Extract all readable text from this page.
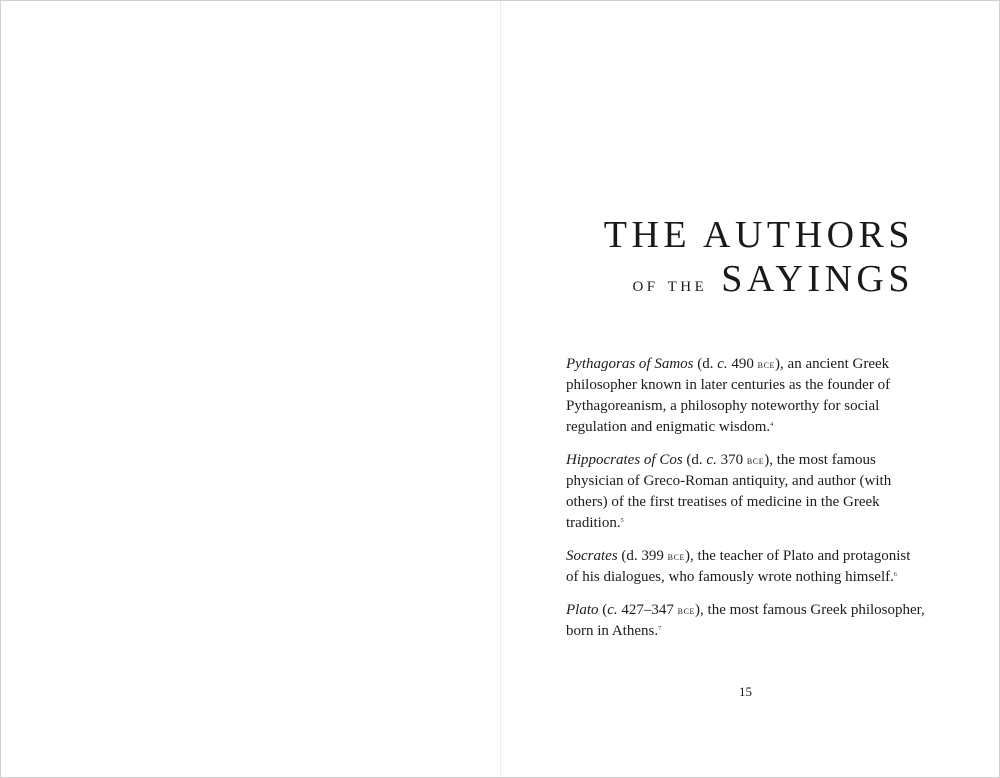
THE AUTHORS
of the SAYINGS

Pythagoras of Samos (d. c. 490 bce), an ancient Greek philosopher known in later centuries as the founder of Pythagoreanism, a philosophy noteworthy for social regulation and enigmatic wisdom.$^4$

Hippocrates of Cos (d. c. 370 bce), the most famous physician of Greco-Roman antiquity, and author (with others) of the first treatises of medicine in the Greek tradition.$^5$

Socrates (d. 399 bce), the teacher of Plato and protagonist of his dialogues, who famously wrote nothing himself.$^6$

Plato (c. 427–347 bce), the most famous Greek philosopher, born in Athens.$^7$

15
